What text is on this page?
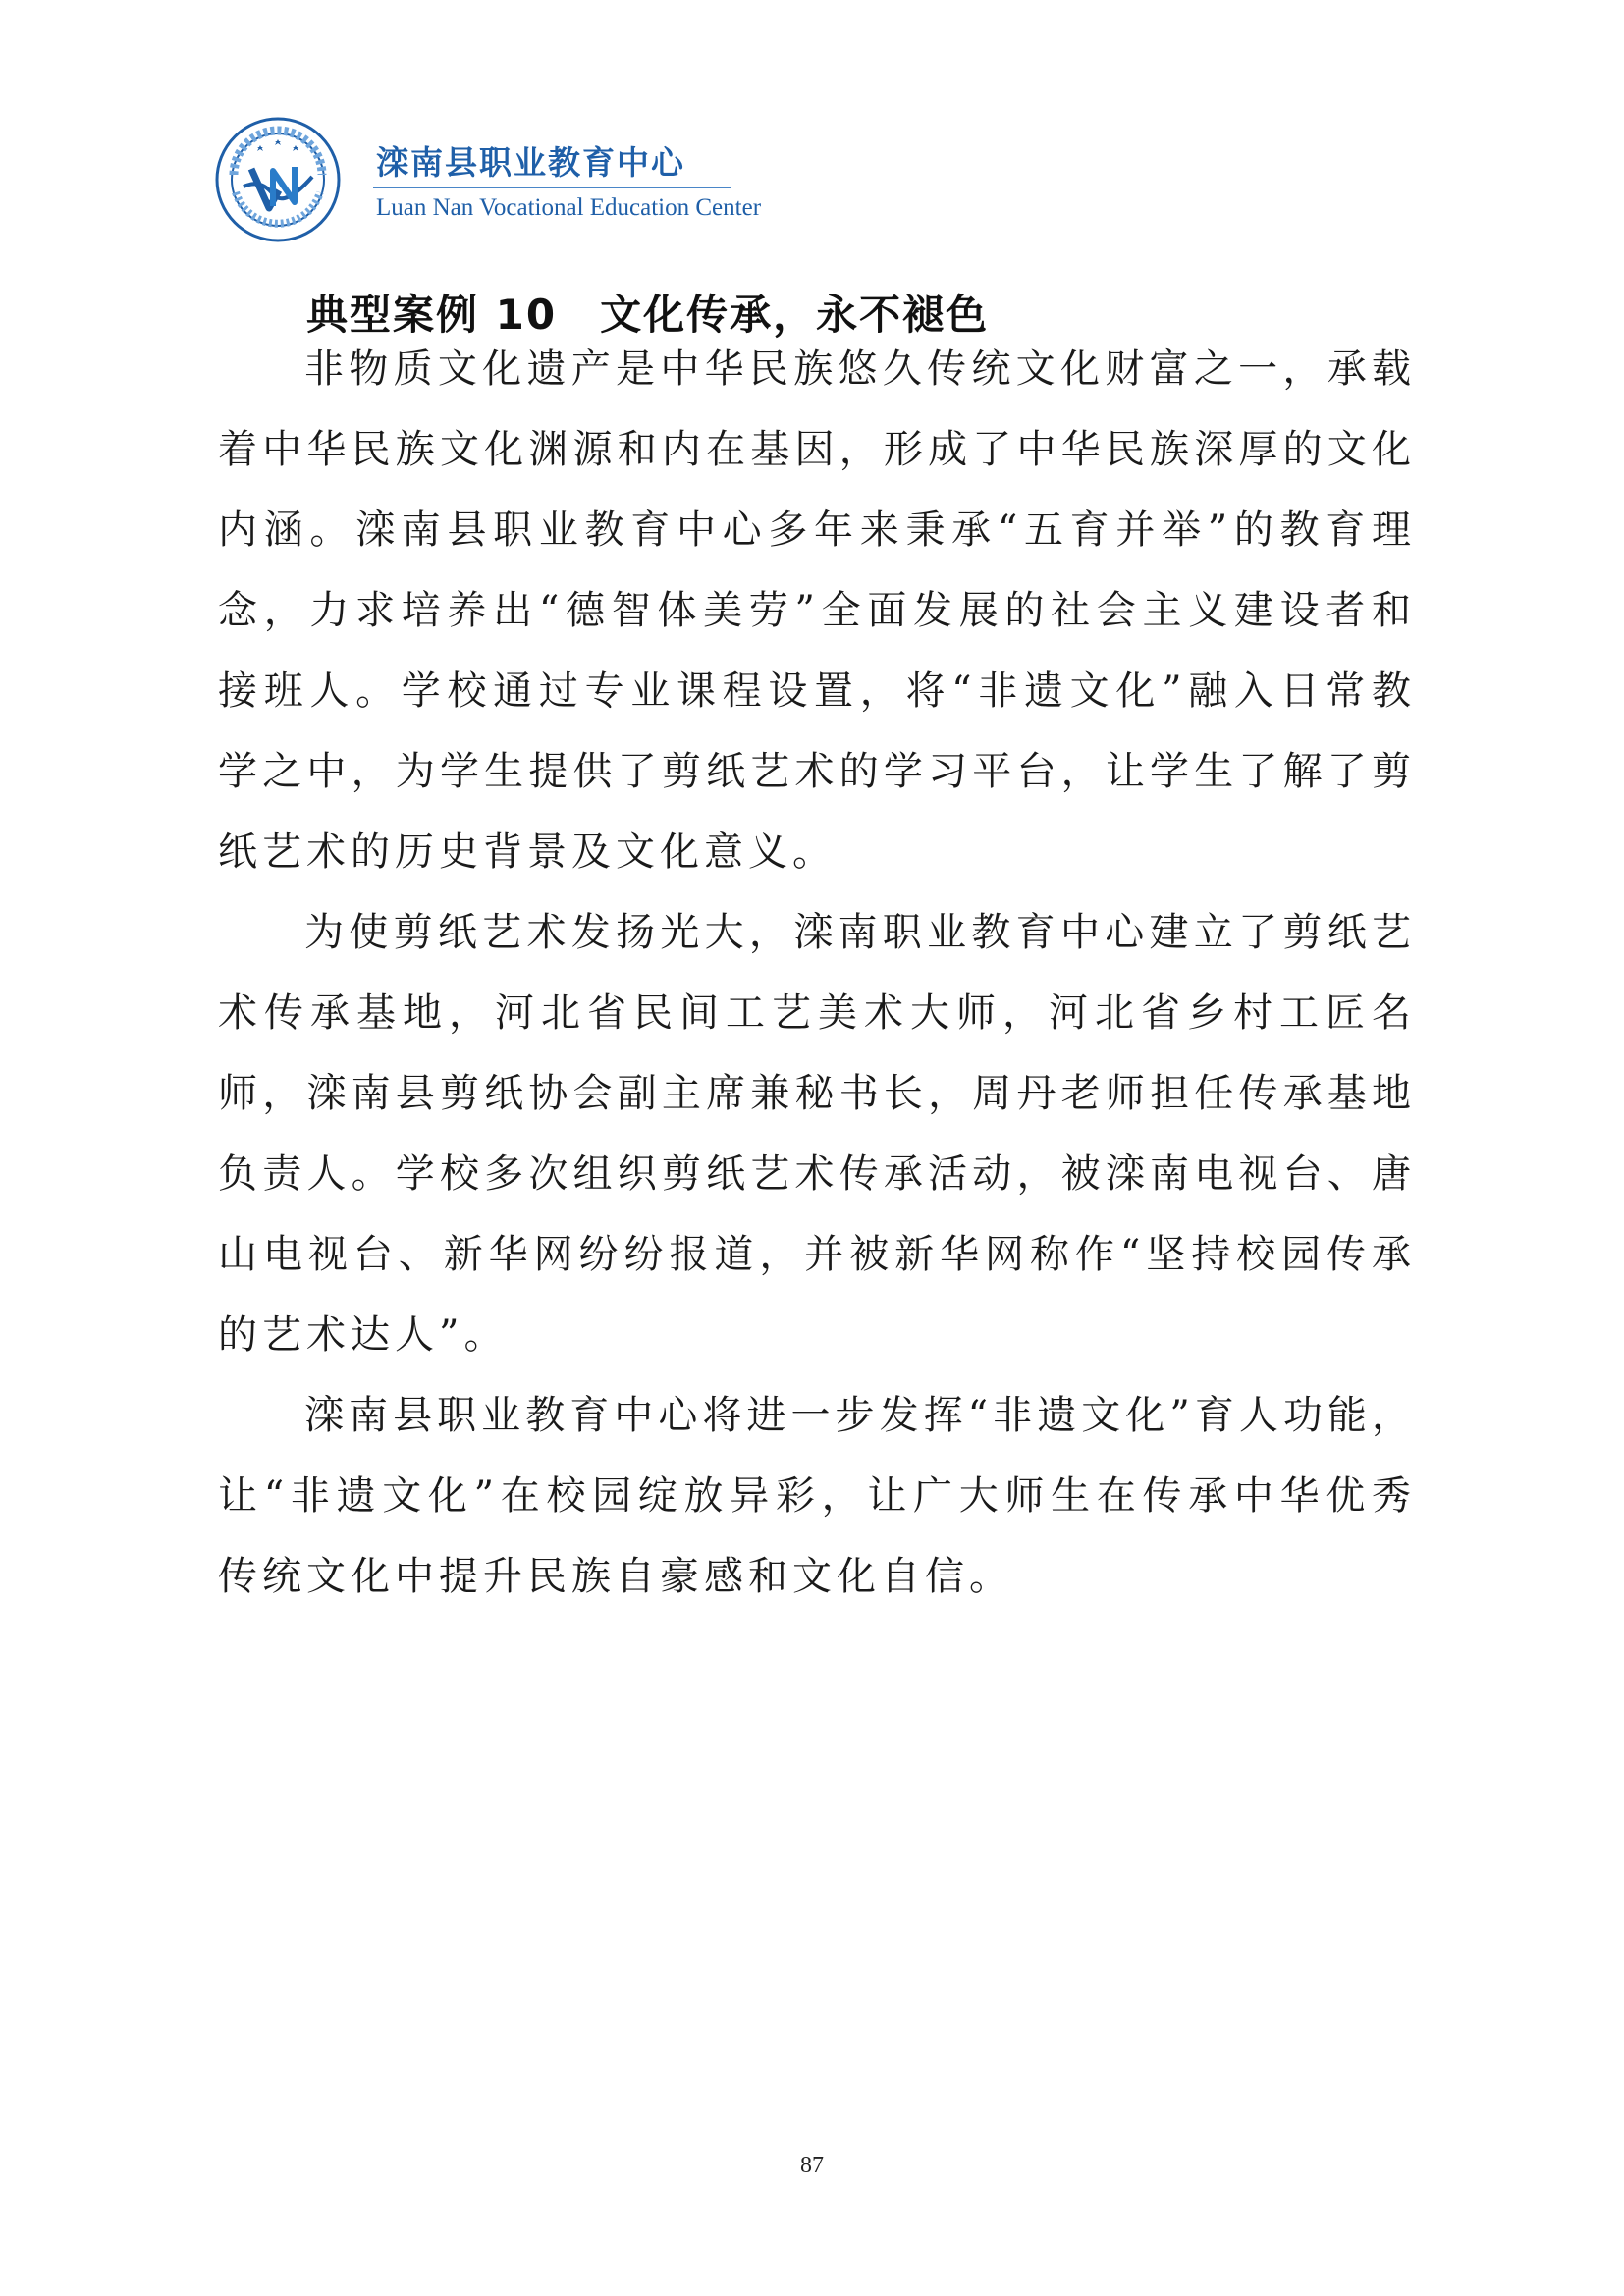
滦南县职业教育中心
Luan Nan Vocational Education Center
典型案例 10　文化传承，永不褪色

非物质文化遗产是中华民族悠久传统文化财富之一，承载着中华民族文化渊源和内在基因，形成了中华民族深厚的文化内涵。滦南县职业教育中心多年来秉承“五育并举”的教育理念，力求培养出“德智体美劳”全面发展的社会主义建设者和接班人。学校通过专业课程设置，将“非遗文化”融入日常教学之中，为学生提供了剪纸艺术的学习平台，让学生了解了剪纸艺术的历史背景及文化意义。

为使剪纸艺术发扬光大，滦南职业教育中心建立了剪纸艺术传承基地，河北省民间工艺美术大师，河北省乡村工匠名师，滦南县剪纸协会副主席兼秘书长，周丹老师担任传承基地负责人。学校多次组织剪纸艺术传承活动，被滦南电视台、唐山电视台、新华网纷纷报道，并被新华网称作“坚持校园传承的艺术达人”。

滦南县职业教育中心将进一步发挥“非遗文化”育人功能，让“非遗文化”在校园绽放异彩，让广大师生在传承中华优秀传统文化中提升民族自豪感和文化自信。

87
